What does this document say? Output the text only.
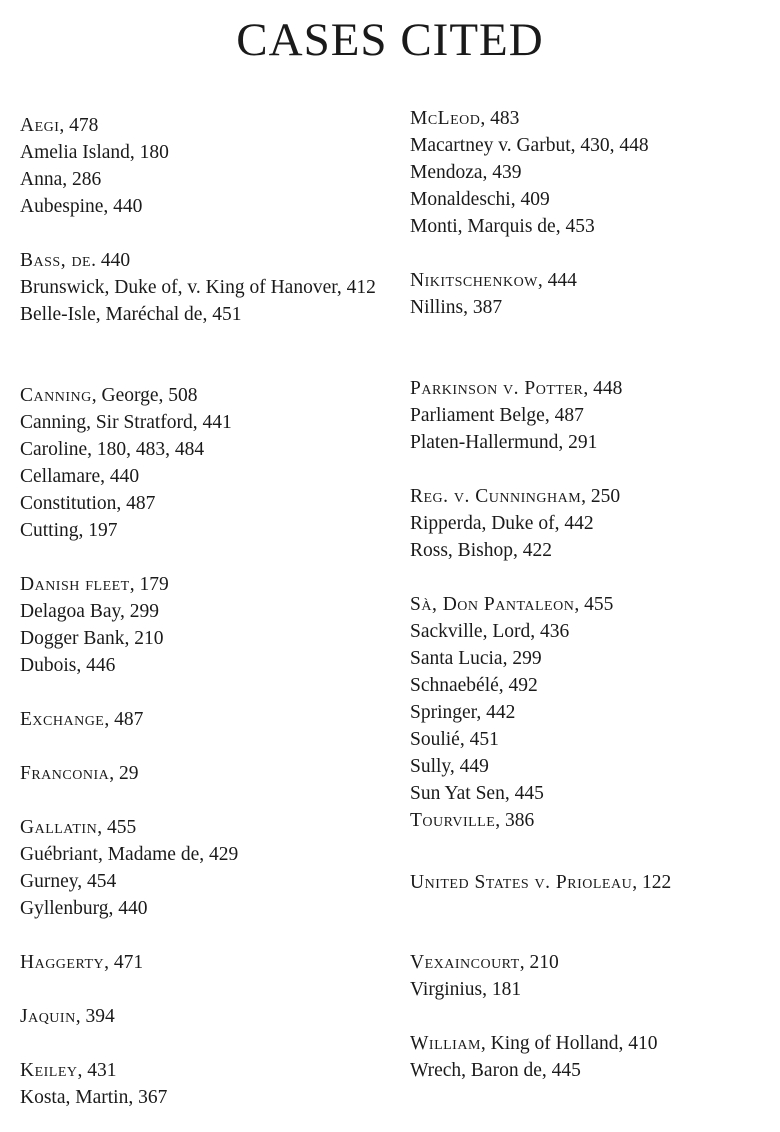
CASES CITED
Aegi, 478
Amelia Island, 180
Anna, 286
Aubespine, 440
Bass, de. 440
Brunswick, Duke of, v. King of Hanover, 412
Belle-Isle, Maréchal de, 451
Canning, George, 508
Canning, Sir Stratford, 441
Caroline, 180, 483, 484
Cellamare, 440
Constitution, 487
Cutting, 197
Danish fleet, 179
Delagoa Bay, 299
Dogger Bank, 210
Dubois, 446
Exchange, 487
Franconia, 29
Gallatin, 455
Guébriant, Madame de, 429
Gurney, 454
Gyllenburg, 440
Haggerty, 471
Jaquin, 394
Keiley, 431
Kosta, Martin, 367
McLeod, 483
Macartney v. Garbut, 430, 448
Mendoza, 439
Monaldeschi, 409
Monti, Marquis de, 453
Nikitschenkow, 444
Nillins, 387
Parkinson v. Potter, 448
Parliament Belge, 487
Platen-Hallermund, 291
Reg. v. Cunningham, 250
Ripperda, Duke of, 442
Ross, Bishop, 422
Sà, Don Pantaleon, 455
Sackville, Lord, 436
Santa Lucia, 299
Schnaebélé, 492
Springer, 442
Soulié, 451
Sully, 449
Sun Yat Sen, 445
Tourville, 386
United States v. Prioleau, 122
Vexaincourt, 210
Virginius, 181
William, King of Holland, 410
Wrech, Baron de, 445
